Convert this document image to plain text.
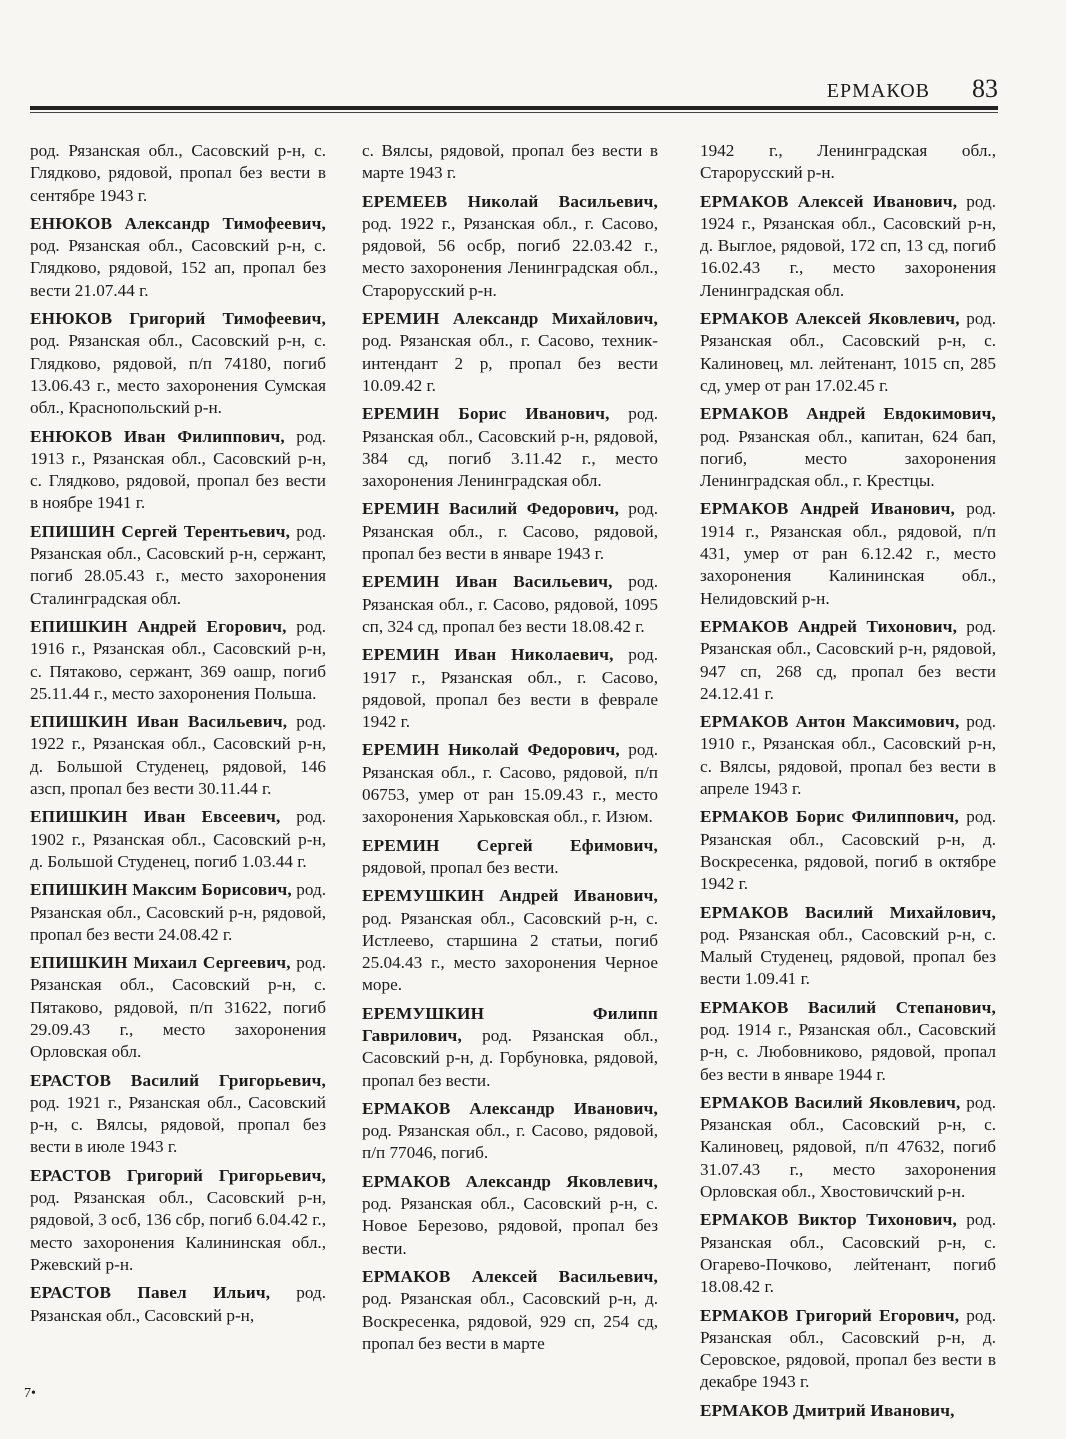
ЕРМАКОВ 83

род. Рязанская обл., Сасовский р-н, с. Глядково, рядовой, пропал без вести в сентябре 1943 г.

ЕНЮКОВ Александр Тимофеевич, род. Рязанская обл., Сасовский р-н, с. Глядково, рядовой, 152 ап, пропал без вести 21.07.44 г.

ЕНЮКОВ Григорий Тимофеевич, род. Рязанская обл., Сасовский р-н, с. Глядково, рядовой, п/п 74180, погиб 13.06.43 г., место захоронения Сумская обл., Краснопольский р-н.

ЕНЮКОВ Иван Филиппович, род. 1913 г., Рязанская обл., Сасовский р-н, с. Глядково, рядовой, пропал без вести в ноябре 1941 г.

ЕПИШИН Сергей Терентьевич, род. Рязанская обл., Сасовский р-н, сержант, погиб 28.05.43 г., место захоронения Сталинградская обл.

ЕПИШКИН Андрей Егорович, род. 1916 г., Рязанская обл., Сасовский р-н, с. Пятаково, сержант, 369 оашр, погиб 25.11.44 г., место захоронения Польша.

ЕПИШКИН Иван Васильевич, род. 1922 г., Рязанская обл., Сасовский р-н, д. Большой Студенец, рядовой, 146 азсп, пропал без вести 30.11.44 г.

ЕПИШКИН Иван Евсеевич, род. 1902 г., Рязанская обл., Сасовский р-н, д. Большой Студенец, погиб 1.03.44 г.

ЕПИШКИН Максим Борисович, род. Рязанская обл., Сасовский р-н, рядовой, пропал без вести 24.08.42 г.

ЕПИШКИН Михаил Сергеевич, род. Рязанская обл., Сасовский р-н, с. Пятаково, рядовой, п/п 31622, погиб 29.09.43 г., место захоронения Орловская обл.

ЕРАСТОВ Василий Григорьевич, род. 1921 г., Рязанская обл., Сасовский р-н, с. Вялсы, рядовой, пропал без вести в июле 1943 г.

ЕРАСТОВ Григорий Григорьевич, род. Рязанская обл., Сасовский р-н, рядовой, 3 осб, 136 сбр, погиб 6.04.42 г., место захоронения Калининская обл., Ржевский р-н.

ЕРАСТОВ Павел Ильич, род. Рязанская обл., Сасовский р-н,

с. Вялсы, рядовой, пропал без вести в марте 1943 г.

ЕРЕМЕЕВ Николай Васильевич, род. 1922 г., Рязанская обл., г. Сасово, рядовой, 56 осбр, погиб 22.03.42 г., место захоронения Ленинградская обл., Старорусский р-н.

ЕРЕМИН Александр Михайлович, род. Рязанская обл., г. Сасово, техник-интендант 2 р, пропал без вести 10.09.42 г.

ЕРЕМИН Борис Иванович, род. Рязанская обл., Сасовский р-н, рядовой, 384 сд, погиб 3.11.42 г., место захоронения Ленинградская обл.

ЕРЕМИН Василий Федорович, род. Рязанская обл., г. Сасово, рядовой, пропал без вести в январе 1943 г.

ЕРЕМИН Иван Васильевич, род. Рязанская обл., г. Сасово, рядовой, 1095 сп, 324 сд, пропал без вести 18.08.42 г.

ЕРЕМИН Иван Николаевич, род. 1917 г., Рязанская обл., г. Сасово, рядовой, пропал без вести в феврале 1942 г.

ЕРЕМИН Николай Федорович, род. Рязанская обл., г. Сасово, рядовой, п/п 06753, умер от ран 15.09.43 г., место захоронения Харьковская обл., г. Изюм.

ЕРЕМИН Сергей Ефимович, рядовой, пропал без вести.

ЕРЕМУШКИН Андрей Иванович, род. Рязанская обл., Сасовский р-н, с. Истлеево, старшина 2 статьи, погиб 25.04.43 г., место захоронения Черное море.

ЕРЕМУШКИН Филипп Гаврилович, род. Рязанская обл., Сасовский р-н, д. Горбуновка, рядовой, пропал без вести.

ЕРМАКОВ Александр Иванович, род. Рязанская обл., г. Сасово, рядовой, п/п 77046, погиб.

ЕРМАКОВ Александр Яковлевич, род. Рязанская обл., Сасовский р-н, с. Новое Березово, рядовой, пропал без вести.

ЕРМАКОВ Алексей Васильевич, род. Рязанская обл., Сасовский р-н, д. Воскресенка, рядовой, 929 сп, 254 сд, пропал без вести в марте

1942 г., Ленинградская обл., Старорусский р-н.

ЕРМАКОВ Алексей Иванович, род. 1924 г., Рязанская обл., Сасовский р-н, д. Выглое, рядовой, 172 сп, 13 сд, погиб 16.02.43 г., место захоронения Ленинградская обл.

ЕРМАКОВ Алексей Яковлевич, род. Рязанская обл., Сасовский р-н, с. Калиновец, мл. лейтенант, 1015 сп, 285 сд, умер от ран 17.02.45 г.

ЕРМАКОВ Андрей Евдокимович, род. Рязанская обл., капитан, 624 бап, погиб, место захоронения Ленинградская обл., г. Крестцы.

ЕРМАКОВ Андрей Иванович, род. 1914 г., Рязанская обл., рядовой, п/п 431, умер от ран 6.12.42 г., место захоронения Калининская обл., Нелидовский р-н.

ЕРМАКОВ Андрей Тихонович, род. Рязанская обл., Сасовский р-н, рядовой, 947 сп, 268 сд, пропал без вести 24.12.41 г.

ЕРМАКОВ Антон Максимович, род. 1910 г., Рязанская обл., Сасовский р-н, с. Вялсы, рядовой, пропал без вести в апреле 1943 г.

ЕРМАКОВ Борис Филиппович, род. Рязанская обл., Сасовский р-н, д. Воскресенка, рядовой, погиб в октябре 1942 г.

ЕРМАКОВ Василий Михайлович, род. Рязанская обл., Сасовский р-н, с. Малый Студенец, рядовой, пропал без вести 1.09.41 г.

ЕРМАКОВ Василий Степанович, род. 1914 г., Рязанская обл., Сасовский р-н, с. Любовниково, рядовой, пропал без вести в январе 1944 г.

ЕРМАКОВ Василий Яковлевич, род. Рязанская обл., Сасовский р-н, с. Калиновец, рядовой, п/п 47632, погиб 31.07.43 г., место захоронения Орловская обл., Хвостовичский р-н.

ЕРМАКОВ Виктор Тихонович, род. Рязанская обл., Сасовский р-н, с. Огарево-Почково, лейтенант, погиб 18.08.42 г.

ЕРМАКОВ Григорий Егорович, род. Рязанская обл., Сасовский р-н, д. Серовское, рядовой, пропал без вести в декабре 1943 г.

ЕРМАКОВ Дмитрий Иванович,

7•
